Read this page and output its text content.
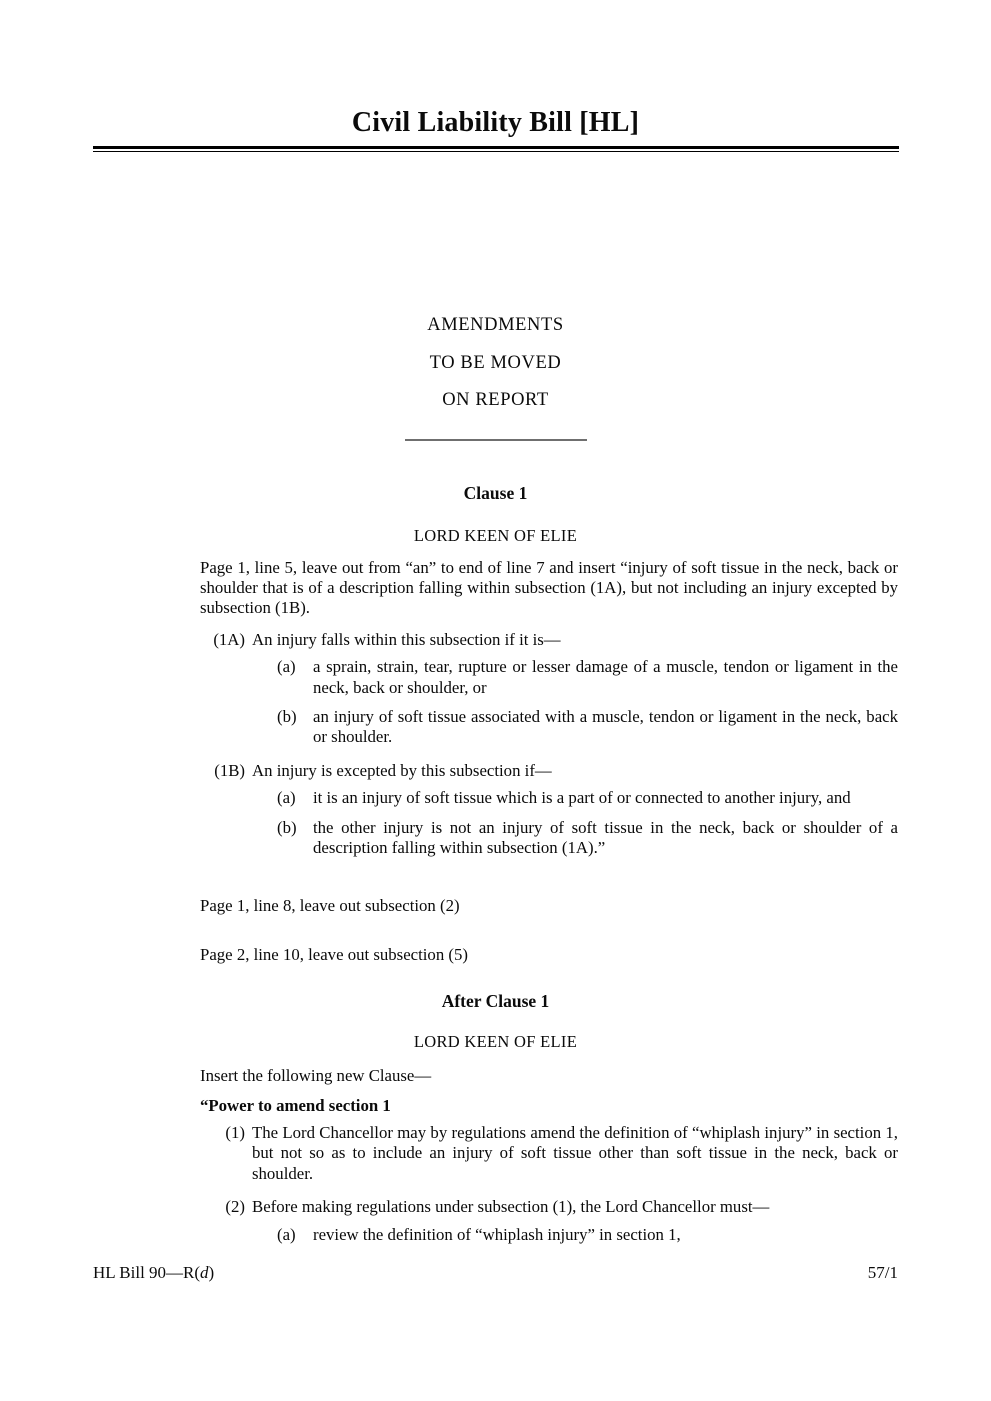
Civil Liability Bill [HL]
AMENDMENTS
TO BE MOVED
ON REPORT
Clause 1
LORD KEEN OF ELIE

Page 1, line 5, leave out from “an” to end of line 7 and insert “injury of soft tissue in the neck, back or shoulder that is of a description falling within subsection (1A), but not including an injury excepted by subsection (1B).

(1A) An injury falls within this subsection if it is—
(a)	a sprain, strain, tear, rupture or lesser damage of a muscle, tendon or ligament in the neck, back or shoulder, or
(b) an injury of soft tissue associated with a muscle, tendon or ligament in the neck, back or shoulder.
(1B) An injury is excepted by this subsection if—
(a)	it is an injury of soft tissue which is a part of or connected to another injury, and
(b) the other injury is not an injury of soft tissue in the neck, back or shoulder of a description falling within subsection (1A).”
Page 1, line 8, leave out subsection (2)
Page 2, line 10, leave out subsection (5)
After Clause 1
LORD KEEN OF ELIE
Insert the following new Clause—
“Power to amend section 1
(1) The Lord Chancellor may by regulations amend the definition of “whiplash injury” in section 1, but not so as to include an injury of soft tissue other than soft tissue in the neck, back or shoulder.
(2) Before making regulations under subsection (1), the Lord Chancellor must—
(a)	review the definition of “whiplash injury” in section 1,
HL Bill 90—R(d)	57/1
